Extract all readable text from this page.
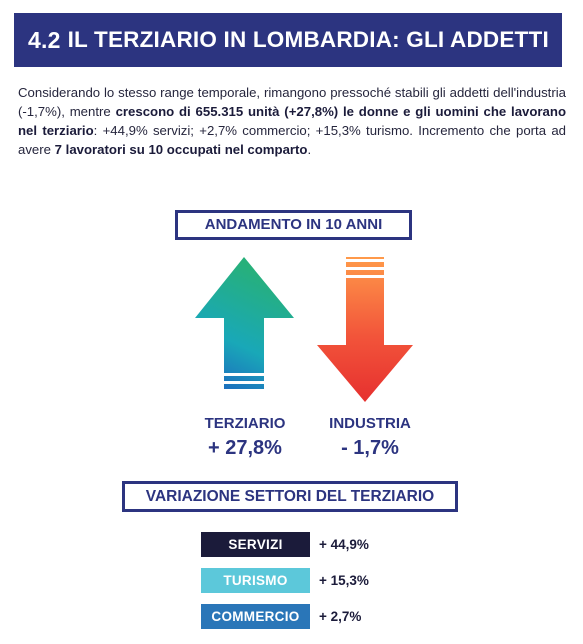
4.2 IL TERZIARIO IN LOMBARDIA: GLI ADDETTI
Considerando lo stesso range temporale, rimangono pressoché stabili gli addetti dell'industria (-1,7%), mentre crescono di 655.315 unità (+27,8%) le donne e gli uomini che lavorano nel terziario: +44,9% servizi; +2,7% commercio; +15,3% turismo. Incremento che porta ad avere 7 lavoratori su 10 occupati nel comparto.
ANDAMENTO IN 10 ANNI
TERZIARIO
+ 27,8%
INDUSTRIA
- 1,7%
VARIAZIONE SETTORI DEL TERZIARIO
SERVIZI	+ 44,9%
TURISMO	+ 15,3%
COMMERCIO	+ 2,7%
